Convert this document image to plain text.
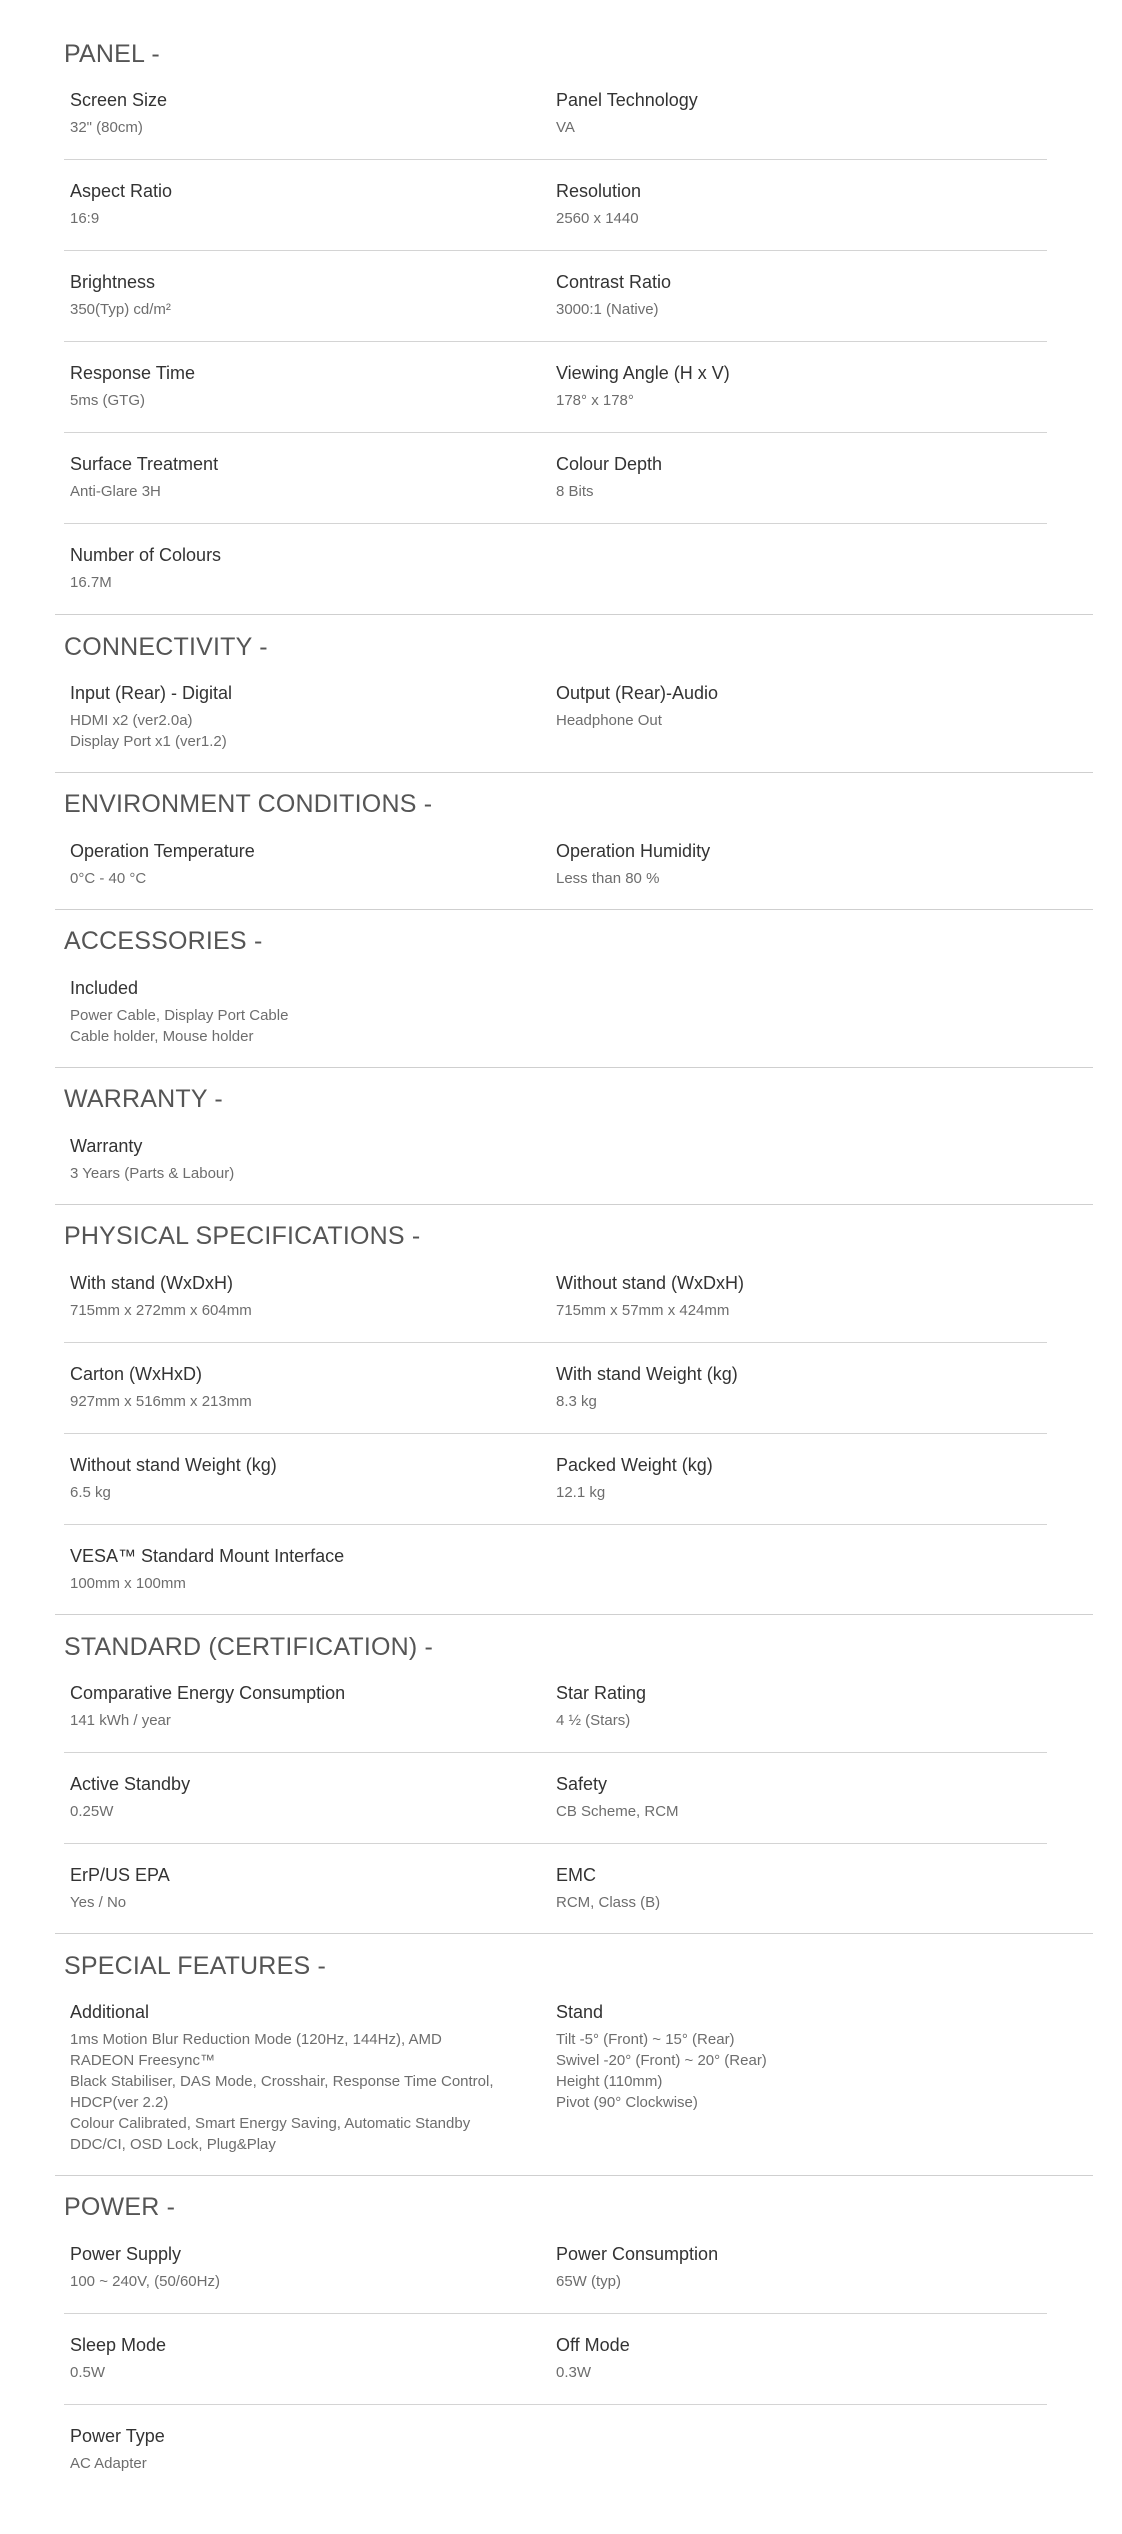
PANEL -
Screen Size
32" (80cm)
Panel Technology
VA
Aspect Ratio
16:9
Resolution
2560 x 1440
Brightness
350(Typ) cd/m²
Contrast Ratio
3000:1 (Native)
Response Time
5ms (GTG)
Viewing Angle (H x V)
178° x 178°
Surface Treatment
Anti-Glare 3H
Colour Depth
8 Bits
Number of Colours
16.7M
CONNECTIVITY -
Input (Rear) - Digital
HDMI x2 (ver2.0a)
Display Port x1 (ver1.2)
Output (Rear)-Audio
Headphone Out
ENVIRONMENT CONDITIONS -
Operation Temperature
0°C - 40 °C
Operation Humidity
Less than 80 %
ACCESSORIES -
Included
Power Cable, Display Port Cable
Cable holder, Mouse holder
WARRANTY -
Warranty
3 Years (Parts & Labour)
PHYSICAL SPECIFICATIONS -
With stand (WxDxH)
715mm x 272mm x 604mm
Without stand (WxDxH)
715mm x 57mm x 424mm
Carton (WxHxD)
927mm x 516mm x 213mm
With stand Weight (kg)
8.3 kg
Without stand Weight (kg)
6.5 kg
Packed Weight (kg)
12.1 kg
VESA™ Standard Mount Interface
100mm x 100mm
STANDARD (CERTIFICATION) -
Comparative Energy Consumption
141 kWh / year
Star Rating
4 ½ (Stars)
Active Standby
0.25W
Safety
CB Scheme, RCM
ErP/US EPA
Yes / No
EMC
RCM, Class (B)
SPECIAL FEATURES -
Additional
1ms Motion Blur Reduction Mode (120Hz, 144Hz), AMD
RADEON Freesync™
Black Stabiliser, DAS Mode, Crosshair, Response Time Control,
HDCP(ver 2.2)
Colour Calibrated, Smart Energy Saving, Automatic Standby
DDC/CI, OSD Lock, Plug&Play
Stand
Tilt -5° (Front) ~ 15° (Rear)
Swivel -20° (Front) ~ 20° (Rear)
Height (110mm)
Pivot (90° Clockwise)
POWER -
Power Supply
100 ~ 240V, (50/60Hz)
Power Consumption
65W (typ)
Sleep Mode
0.5W
Off Mode
0.3W
Power Type
AC Adapter
